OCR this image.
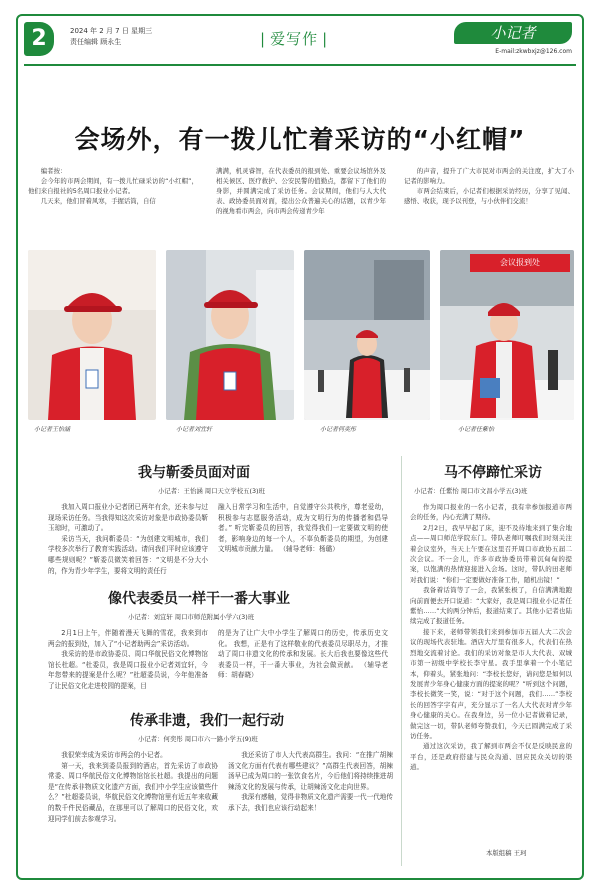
2	2024 年 2 月 7 日 星期三
责任编辑 顾永生	| 爱写作 |	小记者
E-mail:zkwbxjz@126.com
会场外，有一拨儿忙着采访的“小红帽”

编者按：

会今年的市两会期间，有一拨儿忙碌采访的“小红帽”，他们来自报社的5名周口报业小记者。

几天来，他们冒着风寒，手握话筒，自信

满满，机灵睿智，在代表委员的报到处、重要会议场馆外及相关候区、医疗救护、公安民警的值勤点，都留下了他们的身影，并圆满完成了采访任务。会议期间，他们与人大代表、政协委员面对面，提出公众普遍关心的话题，以青少年的视角看市两会，向市两会传递青少年

的声音，提升了广大市民对市两会的关注度，扩大了小记者的影响力。

市两会结束后，小记者们根据采访经历，分享了见闻、感悟、收获，现予以刊登，与小伙伴们交流！

小记者王怡涵	小记者刘宜轩	小记者何奕彤
会议报到处
小记者任紫怡
我与靳委员面对面
小记者：王怡涵 周口天立学校五(3)班

我加入周口报业小记者团已两年有余，还未参与过现场采访任务。当我得知这次采访对象是市政协委员靳玉琼时，可激动了。

采访当天，我问靳委员：“为创建文明城市，我们学校多次举行了教育实践活动。请问我们平时应该遵守哪些规则呢？”靳委员微笑着回答：“文明是不分大小的，作为青少年学生，要将文明的责任行

融入日常学习和生活中，自觉遵守公共秩序，尊老爱幼，积极参与志愿服务活动，成为文明行为的传播者和倡导者。” 听完靳委员的回答，我觉得我们一定要做文明的使者，影响身边的每一个人，不辜负靳委员的期望，为创建文明城市贡献力量。 （辅导老师：杨璐）
像代表委员一样干一番大事业
小记者：刘宜轩 周口市师范附属小学六(3)班

2月1日上午，伴随着漫天飞舞的雪花，我来到市两会的报到处，加入了“小记者助两会”采访活动。

我采访的是市政协委员、周口华航民俗文化博物馆馆长杜超。“杜委员，我是周口报业小记者刘宜轩，今年您带来的提案是什么呢？”杜超委员说，今年他准备了让民俗文化走进校园的提案，目

的是为了让广大中小学生了解周口的历史，传承历史文化。 我想，正是有了这样敬业的代表委员尽职尽力，才推动了周口非遗文化的传承和发展。长大后我也要像这些代表委员一样，干一番大事业，为社会做贡献。 （辅导老师：胡春晓）
传承非遗，我们一起行动
小记者：何奕彤 周口市六一路小学五(9)班

我很荣幸成为采访市两会的小记者。

第一天，我来到委员报到的酒店，首先采访了市政协常委、周口华航民俗文化博物馆馆长杜超。我提出的问题是“在传承非物质文化遗产方面，我们中小学生应该做些什么？”杜超委员说，华航民俗文化博物馆里有近五年来收藏的数千件民俗藏品，在那里可以了解周口的民俗文化，欢迎同学们前去参观学习。

我还采访了市人大代表高群生。我问：“在推广胡辣汤文化方面有代表有哪些建议？”高群生代表回答，胡辣汤早已成为周口的一张饮食名片，今后他们将持续推进胡辣汤文化的发展与传承，让胡辣汤文化走向世界。

我深有感触，觉得非物质文化遗产需要一代一代地传承下去，我们也应该行动起来！

马不停蹄忙采访
小记者：任紫怡 周口市文昌小学五(3)班

作为周口报业的一名小记者，我有幸参加报道市两会的任务，内心充满了期待。

2月2日，我早早起了床，迎不及待地来到了集合地点——周口师范学院东门。带队老师叮嘱我们时刻关注着会议室外，当天上午要在这里召开周口市政协五届二次会议。不一会儿，许多市政协委员带着沉甸甸的提案，以饱满的热情迎接进入会场。这时，带队的田老师对我们说：“你们一定要做好准备工作，随机出镜！”

我备着话筒等了一会，我紧张极了，自信满满地跑向前面便去开口说道：“大家好，我是周口报业小记者任紫怡……”大的两分钟后，报道结束了。其他小记者也陆续完成了报道任务。

接下来，老师带领我们来到参加市五届人大二次会议的现场代表驻地。酒店大厅里有很多人，代表们在热烈地交流着讨论。我们的采访对象是市人大代表、双城市第一初级中学校长李守星。我手里拿着一个小笔记本，仰着头，紧张地问：“李校长您好，请问您是如何以发展青少年身心健康方面的提案的呢？”听到这个问题，李校长微笑一笑，说：“对于这个问题，我们……”李校长的回答字字有声，充分显示了一名人大代表对青少年身心健康的关心。在我身边，另一位小记者做着记录，做完这一切，带队老师夸赞我们，今天已圆满完成了采访任务。

通过这次采访，我了解到市两会不仅是反映民意的平台，还是政府搭建与民众沟通、回应民众关切的渠道。

本版组稿 王珂
